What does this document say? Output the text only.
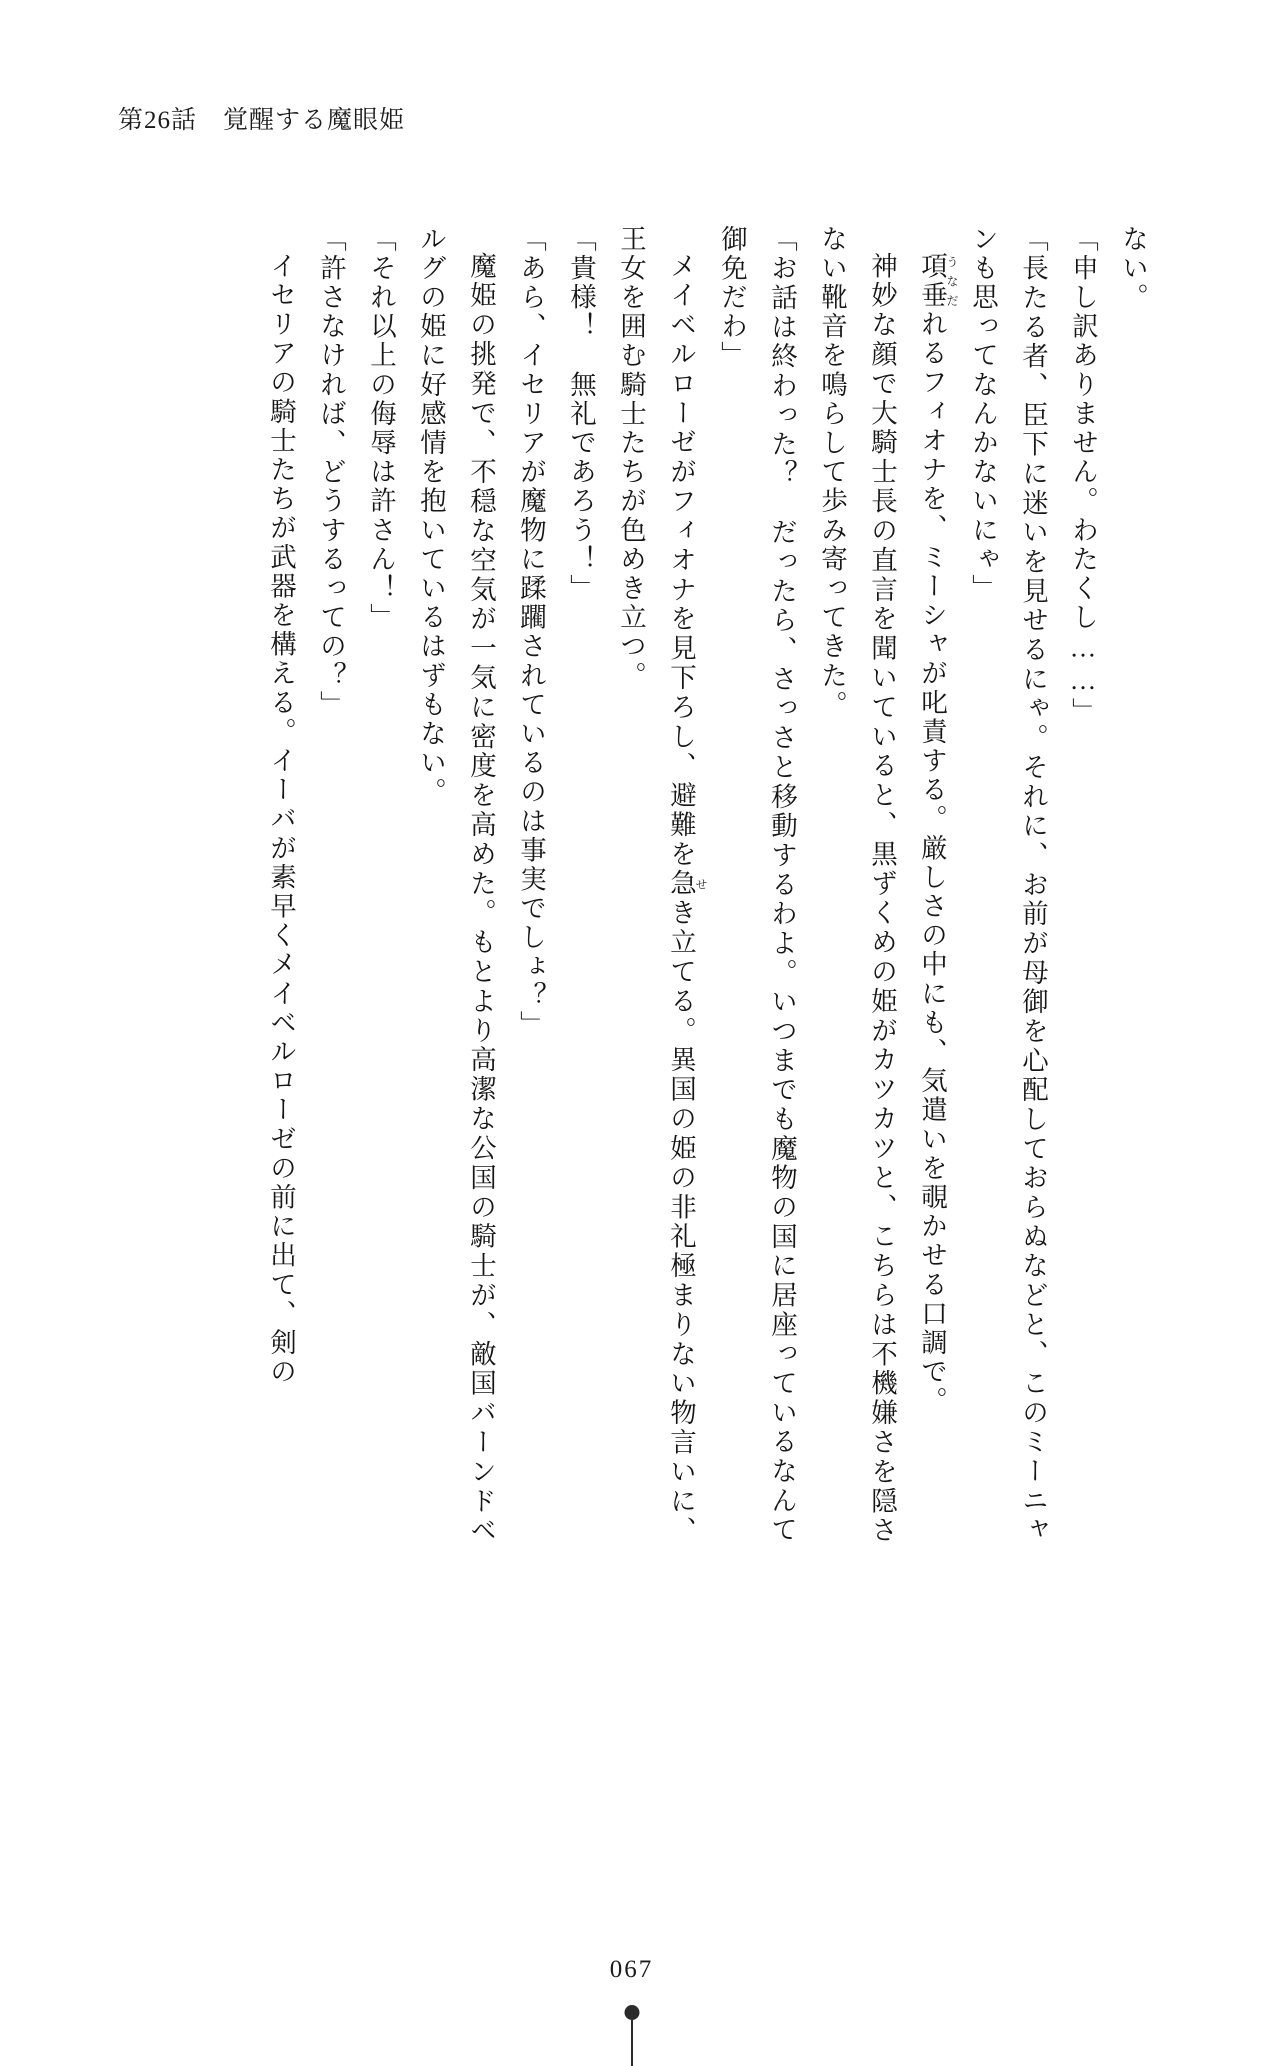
第26話　覚醒する魔眼姫

ない。

「申し訳ありません。わたくし……」

「長たる者、臣下に迷いを見せるにゃ。それに、お前が母御を心配しておらぬなどと、このミーニャンも思ってなんかないにゃ」

項垂うなだれるフィオナを、ミーシャが叱責する。厳しさの中にも、気遣いを覗かせる口調で。

神妙な顔で大騎士長の直言を聞いていると、黒ずくめの姫がカツカツと、こちらは不機嫌さを隠さない靴音を鳴らして歩み寄ってきた。

「お話は終わった？　だったら、さっさと移動するわよ。いつまでも魔物の国に居座っているなんて御免だわ」

メイベルローゼがフィオナを見下ろし、避難を急せき立てる。異国の姫の非礼極まりない物言いに、王女を囲む騎士たちが色めき立つ。

「貴様！　無礼であろう！」

「あら、イセリアが魔物に蹂躙されているのは事実でしょ？」

魔姫の挑発で、不穏な空気が一気に密度を高めた。もとより高潔な公国の騎士が、敵国バーンドベルグの姫に好感情を抱いているはずもない。

「それ以上の侮辱は許さん！」

「許さなければ、どうするっての？」

イセリアの騎士たちが武器を構える。イーバが素早くメイベルローゼの前に出て、剣の

067
